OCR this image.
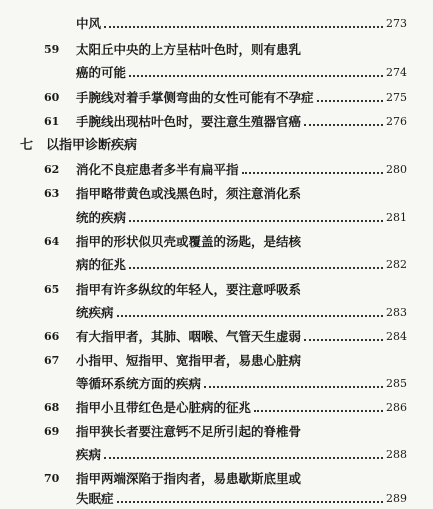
中风	273
59	太阳丘中央的上方呈枯叶色时，则有患乳
癌的可能	274
60	手腕线对着手掌侧弯曲的女性可能有不孕症	275
61	手腕线出现枯叶色时，要注意生殖器官癌	276
七 以指甲诊断疾病
62	消化不良症患者多半有扁平指	280
63	指甲略带黄色或浅黑色时，须注意消化系
统的疾病	281
64	指甲的形状似贝壳或覆盖的汤匙，是结核
病的征兆	282
65	指甲有许多纵纹的年轻人，要注意呼吸系
统疾病	283
66	有大指甲者，其肺、咽喉、气管天生虚弱	284
67	小指甲、短指甲、宽指甲者，易患心脏病
等循环系统方面的疾病	285
68	指甲小且带红色是心脏病的征兆	286
69	指甲狭长者要注意钙不足所引起的脊椎骨
疾病	288
70	指甲两端深陷于指肉者，易患歇斯底里或
失眠症	289
